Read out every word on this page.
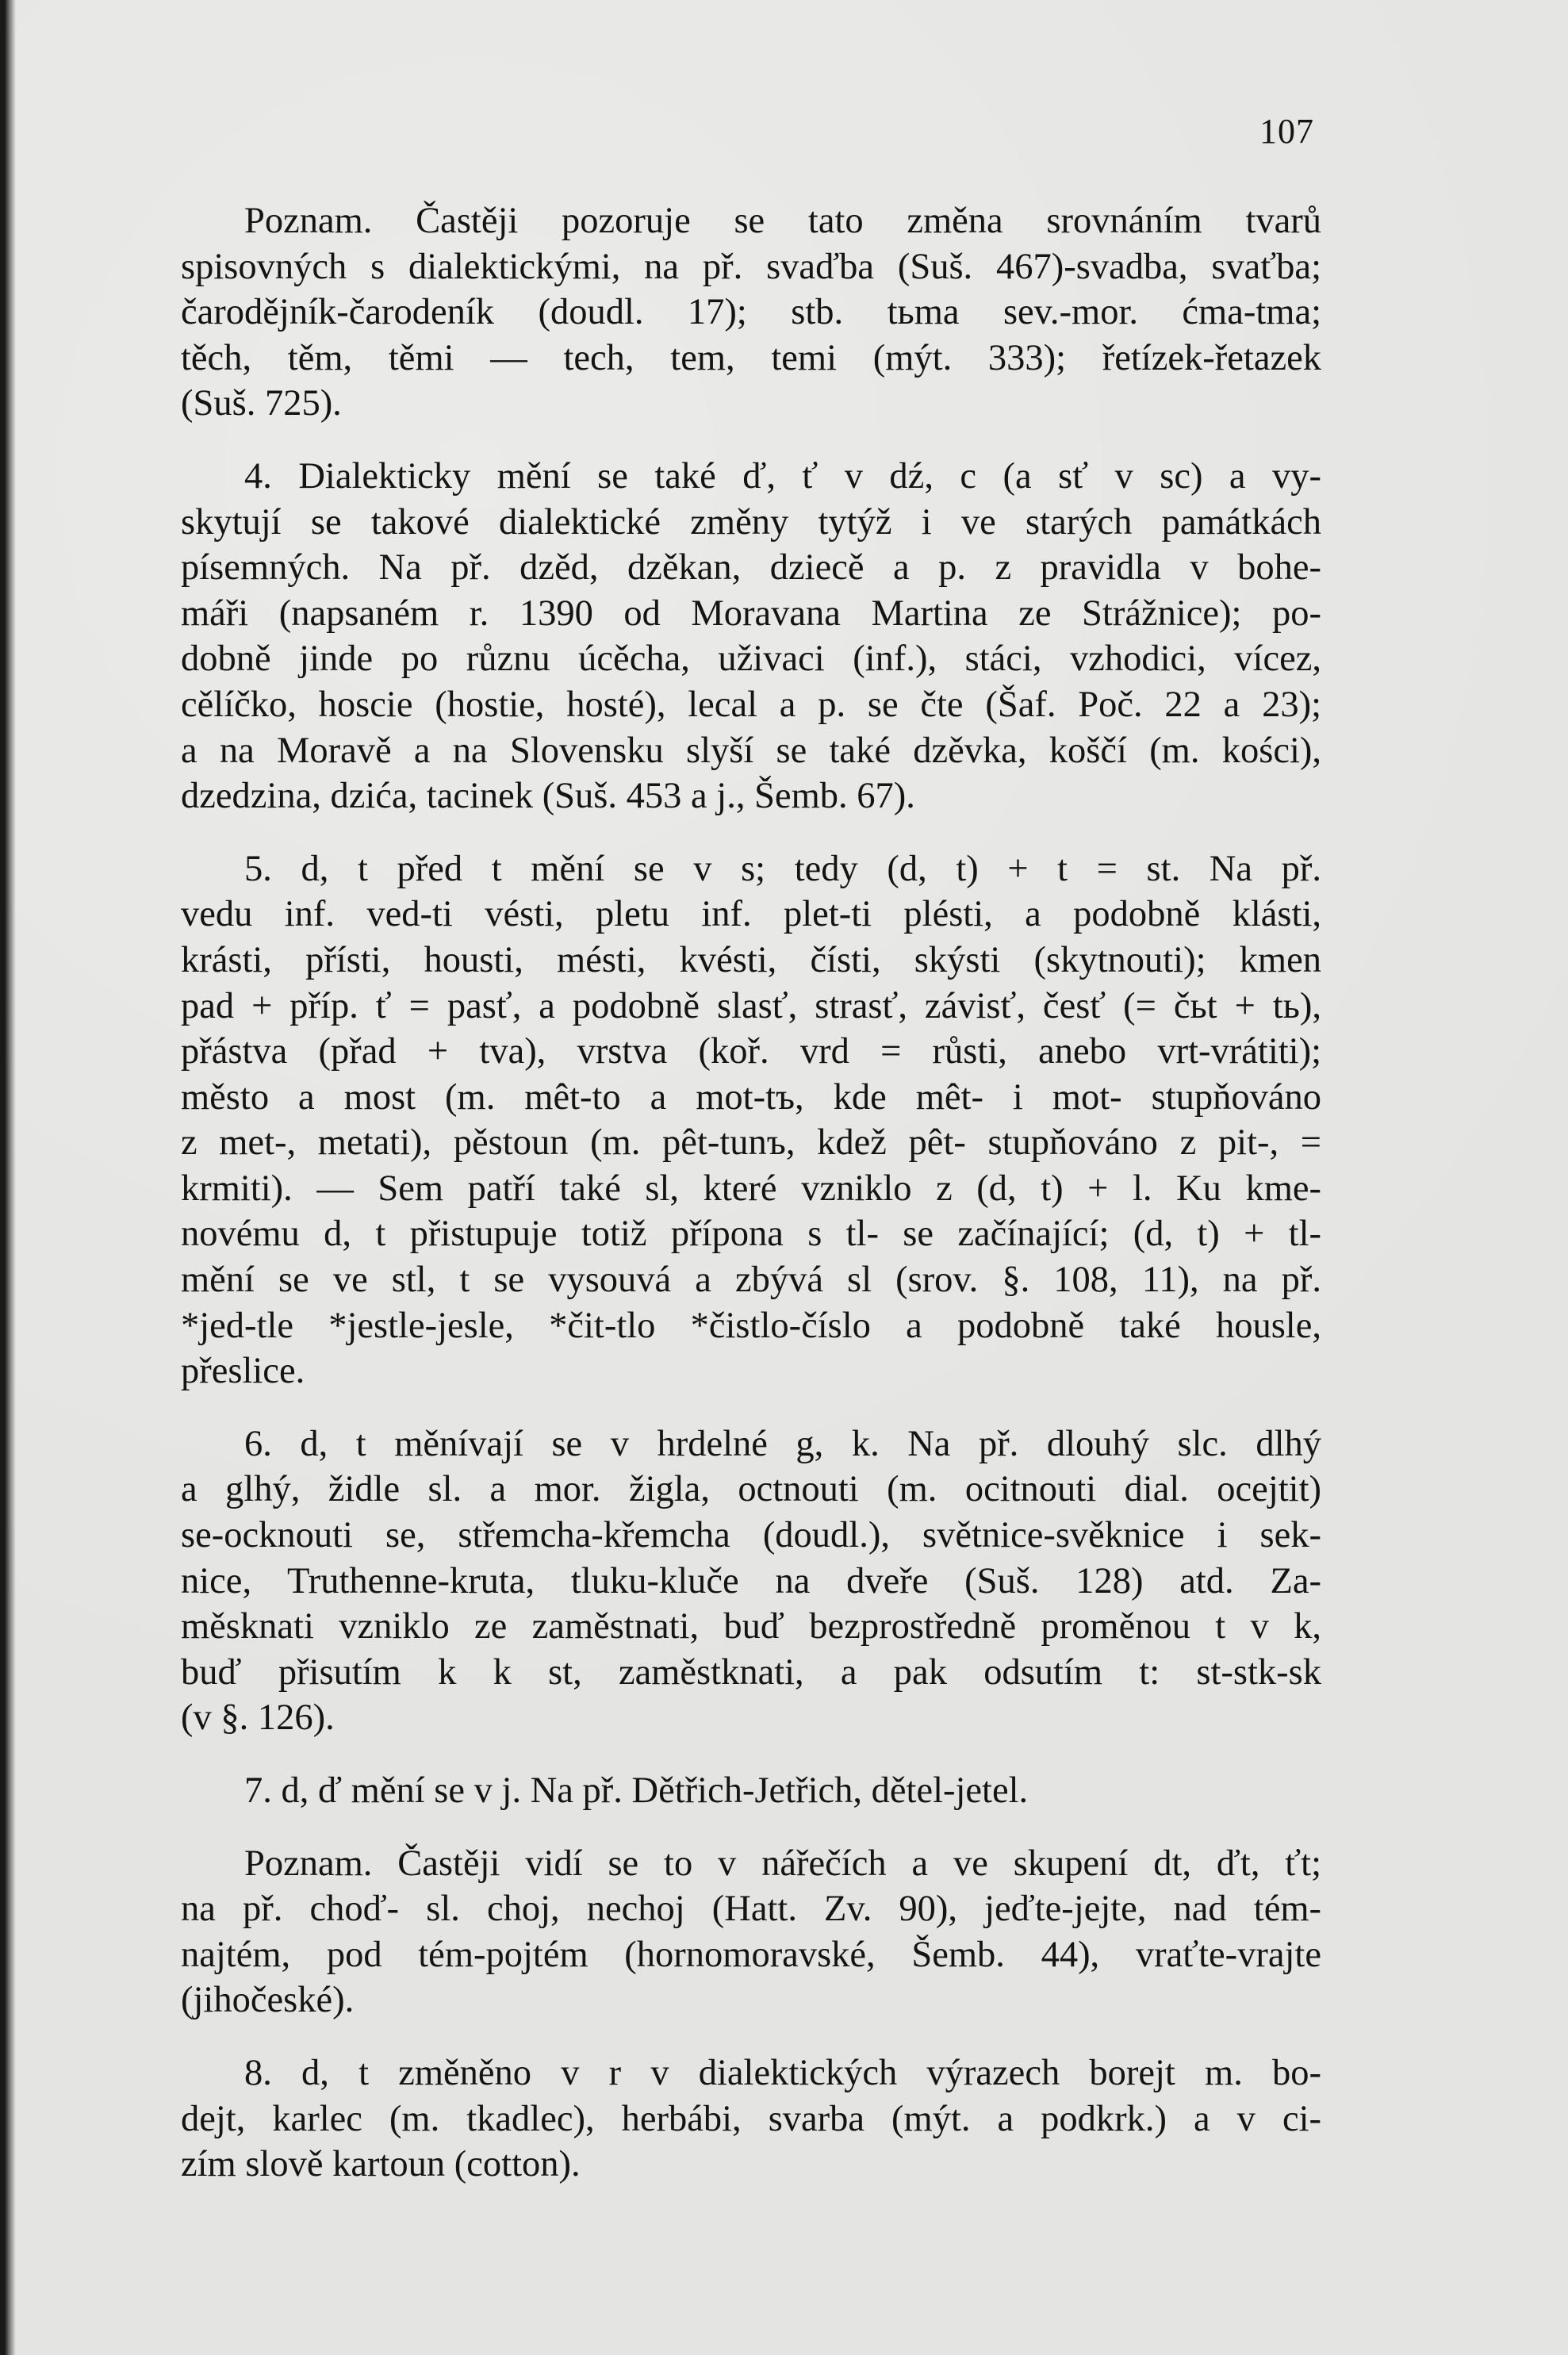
107
Poznam. Častěji pozoruje se tato změna srovnáním tvarů
spisovných s dialektickými, na př. svaďba (Suš. 467)-svadba, svaťba;
čaroděj​ník-čarodeník (doudl. 17); stb. tьma sev.-mor. ćma-tma;
těch, těm, těmi — tech, tem, temi (mýt. 333); řetízek-řetazek
(Suš. 725).
4. Dialekticky mění se také ď, ť v dź, c (a sť v sc) a vy-
skytují se takové dialektické změny tytýž i ve starých památkách
písemných. Na př. dzěd, dzěkan, dziecě a p. z pravidla v bohe-
máři (napsaném r. 1390 od Moravana Martina ze Strážnice); po-
dobně jinde po různu úcěcha, uživaci (inf.), stáci, vzhodici, vícez,
cělíčko, hoscie (hostie, hosté), lecal a p. se čte (Šaf. Poč. 22 a 23);
a na Moravě a na Slovensku slyší se také dzěvka, koščí (m. kości),
dzedzina, dzića, tacinek (Suš. 453 a j., Šemb. 67).
5. d, t před t mění se v s; tedy (d, t) + t = st. Na př.
vedu inf. ved-ti vésti, pletu inf. plet-ti plésti, a podobně klásti,
krásti, přísti, housti, mésti, kvésti, čísti, skýsti (skytnouti); kmen
pad + příp. ť = pasť, a podobně slasť, strasť, závisť, česť (= čьt + tь),
přástva (přad + tva), vrstva (koř. vrd = růsti, anebo vrt-vrátiti);
město a most (m. mêt-to a mot-tъ, kde mêt- i mot- stupňováno
z met-, metati), pěstoun (m. pêt-tunъ, kdež pêt- stupňováno z pit-, =
krmiti). — Sem patří také sl, které vzniklo z (d, t) + l. Ku kme-
novému d, t přistupuje totiž přípona s tl- se začínající; (d, t) + tl-
mění se ve stl, t se vysouvá a zbývá sl (srov. §. 108, 11), na př.
*jed-tle *jestle-jesle, *čit-tlo *čistlo-číslo a podobně také housle,
přeslice.
6. d, t měnívají se v hrdelné g, k. Na př. dlouhý slc. dlhý
a glhý, židle sl. a mor. žigla, octnouti (m. ocitnouti dial. ocejtit)
se-ocknouti se, střemcha-křemcha (doudl.), světnice-svěknice i sek-
nice, Truthenne-kruta, tluku-kluče na dveře (Suš. 128) atd. Za-
měsknati vzniklo ze zaměstnati, buď bezprostředně proměnou t v k,
buď přisutím k k st, zaměstknati, a pak odsutím t: st-stk-sk
(v §. 126).
7. d, ď mění se v j. Na př. Dětřich-Jetřich, dětel-jetel.
Poznam. Častěji vidí se to v nářečích a ve skupení dt, ďt, ťt;
na př. choď- sl. choj, nechoj (Hatt. Zv. 90), jeďte-jejte, nad tém-
najtém, pod tém-pojtém (hornomoravské, Šemb. 44), vraťte-vrajte
(jihočeské).
8. d, t změněno v r v dialektických výrazech borejt m. bo-
dejt, karlec (m. tkadlec), herbábi, svarba (mýt. a podkrk.) a v ci-
zím slově kartoun (cotton).
